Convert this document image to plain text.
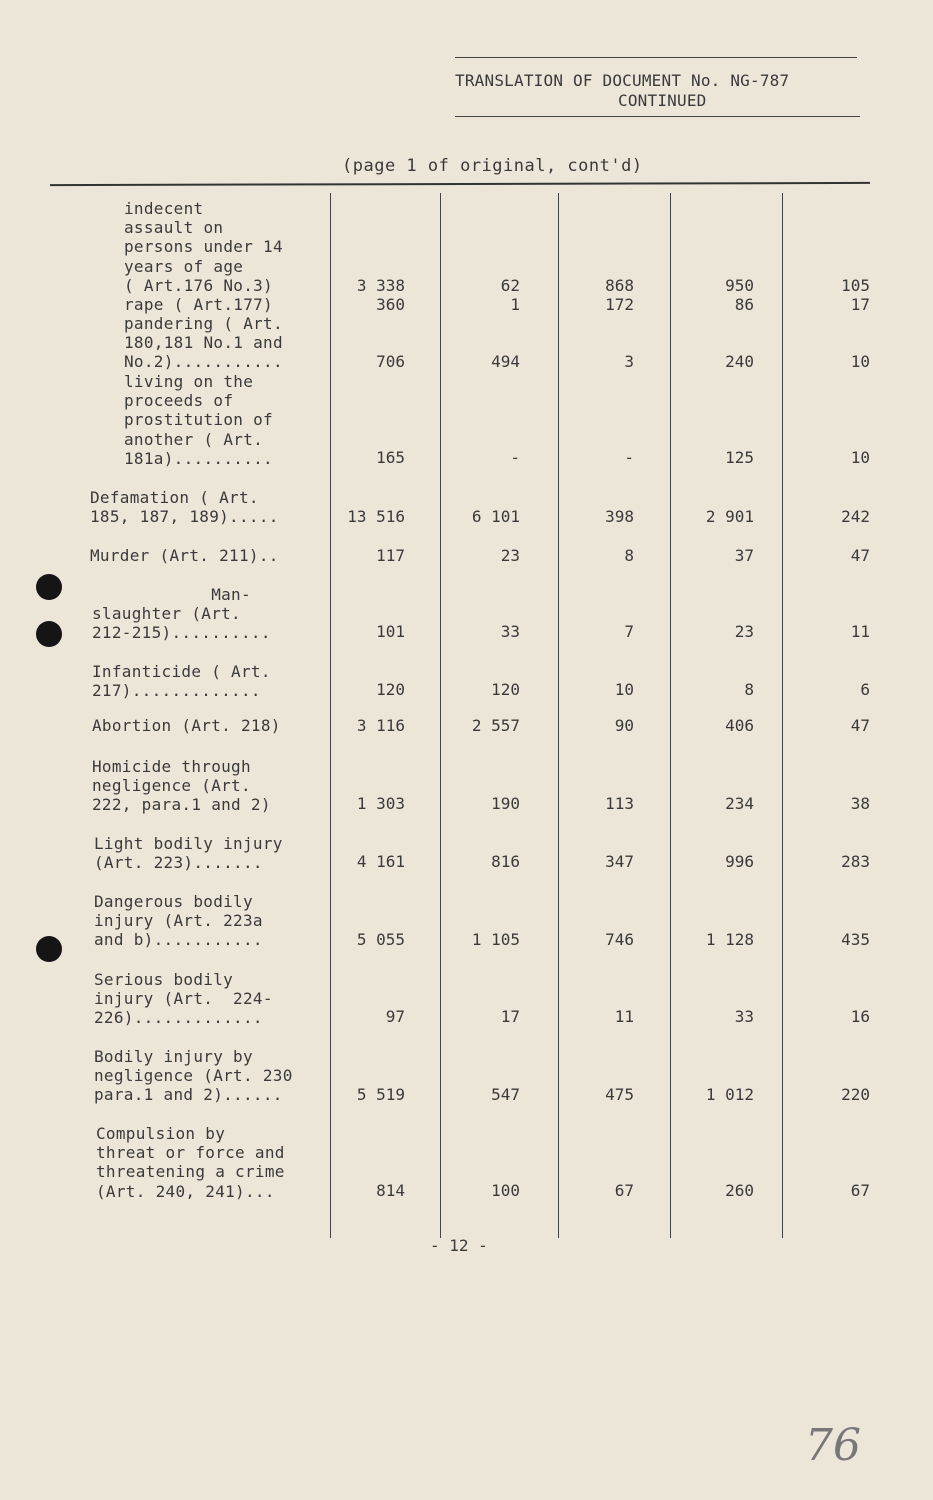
TRANSLATION OF DOCUMENT No. NG-787
CONTINUED
(page 1 of original, cont'd)
indecent
assault on
persons under 14
years of age
( Art.176 No.3)	3 338	62	868	950	105
rape ( Art.177)	360	1	172	86	17
pandering ( Art.
180,181 No.1 and
No.2)...........	706	494	3	240	10
living on the
proceeds of
prostitution of
another ( Art.
181a)..........	165	-	-	125	10
Defamation ( Art.
185, 187, 189).....	13 516	6 101	398	2 901	242
Murder (Art. 211)..	117	23	8	37	47
Man-
slaughter (Art.
212-215)..........	101	33	7	23	11
Infanticide ( Art.
217).............	120	120	10	8	6
Abortion (Art. 218)	3 116	2 557	90	406	47
Homicide through
negligence (Art.
222, para.1 and 2)	1 303	190	113	234	38
Light bodily injury
(Art. 223).......	4 161	816	347	996	283
Dangerous bodily
injury (Art. 223a
and b)...........	5 055	1 105	746	1 128	435
Serious bodily
injury (Art.  224-
226).............	97	17	11	33	16
Bodily injury by
negligence (Art. 230
para.1 and 2)......	5 519	547	475	1 012	220
Compulsion by
threat or force and
threatening a crime
(Art. 240, 241)...	814	100	67	260	67
- 12 -
76
